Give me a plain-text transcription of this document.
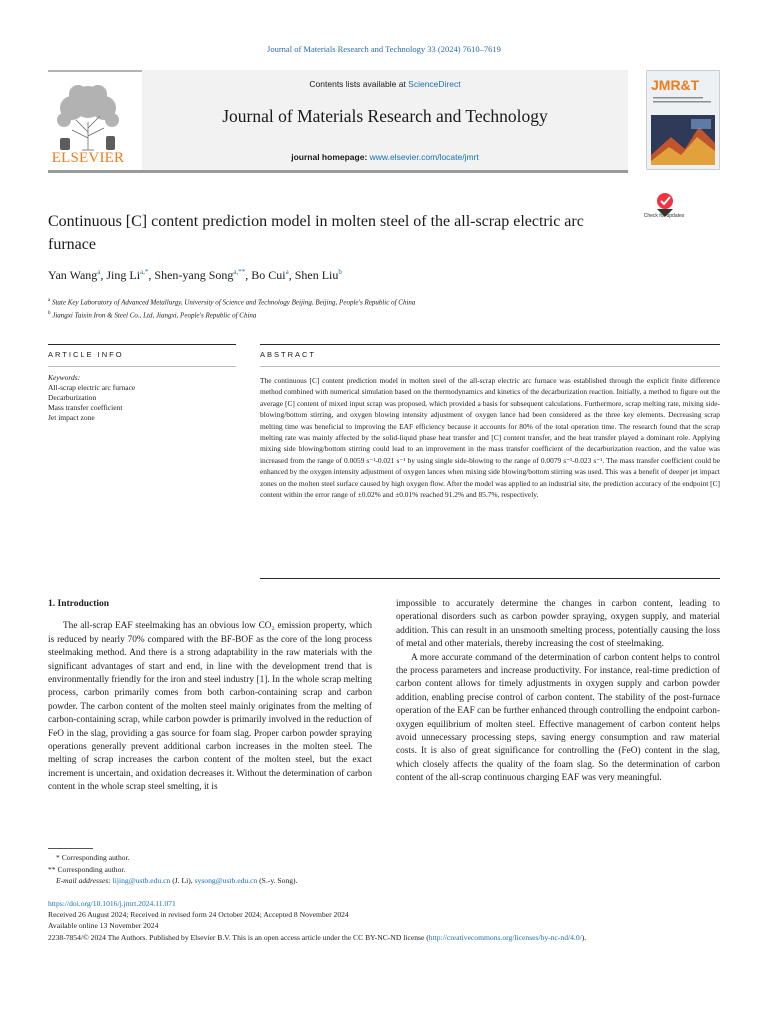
Journal of Materials Research and Technology 33 (2024) 7610–7619
ELSEVIER
Contents lists available at ScienceDirect
Journal of Materials Research and Technology
journal homepage: www.elsevier.com/locate/jmrt
JMR&T
Continuous [C] content prediction model in molten steel of the all-scrap electric arc furnace
Check for updates
Yan Wang$^a$, Jing $Li^{a,*}$, Shen-yang Song$^{a,**}$, Bo Cui$^a$, Shen Liu$^b$
$^a$ State Key Laboratory of Advanced Metallurgy, University of Science and Technology Beijing, Beijing, People's Republic of China
$^b$ Jiangxi Taixin Iron & Steel Co., Ltd, Jiangxi, People's Republic of China
ARTICLE INFO	ABSTRACT
Keywords:
All-scrap electric arc furnace
Decarburization
Mass transfer coefficient
Jet impact zone
The continuous [C] content prediction model in molten steel of the all-scrap electric arc furnace was established through the explicit finite difference method combined with numerical simulation based on the thermodynamics and kinetics of the decarburization reaction. Initially, a method to figure out the average [C] content of mixed input scrap was proposed, which provided a basis for subsequent calculations. Furthermore, scrap melting rate, mixing side-blowing/bottom stirring, and oxygen blowing intensity adjustment of oxygen lance had been considered as the three key elements. Decreasing scrap melting time was beneficial to improving the EAF efficiency because it accounts for 80% of the total operation time. The research found that the scrap melting rate was mainly affected by the solid-liquid phase heat transfer and [C] content transfer, and the heat transfer played a dominant role. Applying mixing side blowing/bottom stirring could lead to an improvement in the mass transfer coefficient of the decarburization reaction, and the value was increased from the range of 0.0059 s⁻¹-0.021 s⁻¹ by using single side-blowing to the range of 0.0079 s⁻¹-0.023 s⁻¹. The mass transfer coefficient could be enhanced by the oxygen intensity adjustment of oxygen lances when mixing side blowing/bottom stirring was used. This was a benefit of deeper jet impact zones on the molten steel surface caused by high oxygen flow. After the model was applied to an industrial site, the prediction accuracy of the endpoint [C] content within the error range of ±0.02% and ±0.01% reached 91.2% and 85.7%, respectively.
1. Introduction

The all-scrap EAF steelmaking has an obvious low CO₂ emission property, which is reduced by nearly 70% compared with the BF-BOF as the core of the long process steelmaking method. And there is a strong adaptability in the raw materials with the significant advantages of start and end, in line with the development trend that is environmentally friendly for the iron and steel industry [1]. In the whole scrap melting process, carbon primarily comes from both carbon-containing scrap and carbon powder. The carbon content of the molten steel mainly originates from the melting of carbon-containing scrap, while carbon powder is primarily involved in the reduction of FeO in the slag, providing a gas source for foam slag. Proper carbon powder spraying operations generally prevent additional carbon increases in the molten steel. The melting of scrap increases the carbon content of the molten steel, but the exact increment is uncertain, and oxidation decreases it. Without the determination of carbon content in the whole scrap steel smelting, it is

impossible to accurately determine the changes in carbon content, leading to operational disorders such as carbon powder spraying, oxygen supply, and material addition. This can result in an unsmooth smelting process, potentially causing the loss of metal and other materials, thereby increasing the cost of steelmaking.

A more accurate command of the determination of carbon content helps to control the process parameters and increase productivity. For instance, real-time prediction of carbon content allows for timely adjustments in oxygen supply and carbon powder addition, enabling precise control of carbon content. The stability of the post-furnace operation of the EAF can be further enhanced through controlling the endpoint carbon-oxygen equilibrium of molten steel. Effective management of carbon content helps avoid unnecessary processing steps, saving energy consumption and raw material costs. It is also of great significance for controlling the (FeO) content in the slag, which closely affects the quality of the foam slag. So the determination of carbon content of the all-scrap continuous charging EAF was very meaningful.

* Corresponding author.
** Corresponding author.
E-mail addresses: lijing@ustb.edu.cn (J. Li), sysong@ustb.edu.cn (S.-y. Song).
https://doi.org/10.1016/j.jmrt.2024.11.071
Received 26 August 2024; Received in revised form 24 October 2024; Accepted 8 November 2024
Available online 13 November 2024
2238-7854/© 2024 The Authors. Published by Elsevier B.V. This is an open access article under the CC BY-NC-ND license (http://creativecommons.org/licenses/by-nc-nd/4.0/).
